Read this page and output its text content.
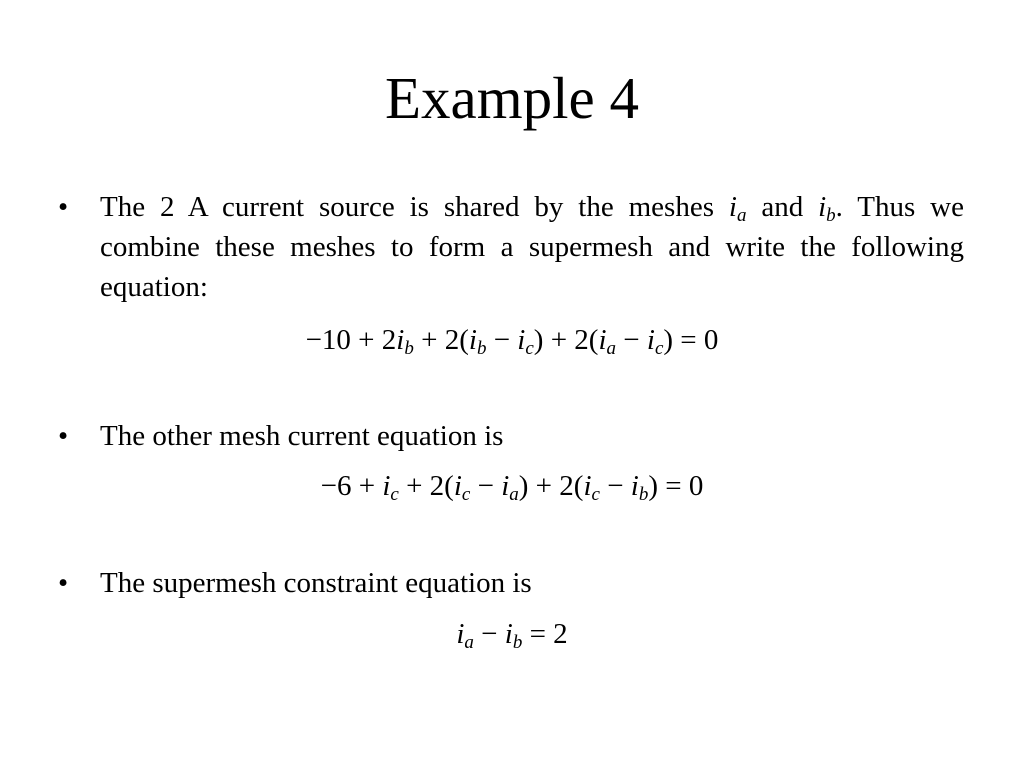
Example 4
•	The 2 A current source is shared by the meshes $i_a$ and $i_b$. Thus we combine these meshes to form a supermesh and write the following equation:
$-10 + 2i_b + 2(i_b - i_c) + 2(i_a - i_c) = 0$
•	The other mesh current equation is
$-6 + i_c + 2(i_c - i_a) + 2(i_c - i_b) = 0$
•	The supermesh constraint equation is
$i_a - i_b = 2$
